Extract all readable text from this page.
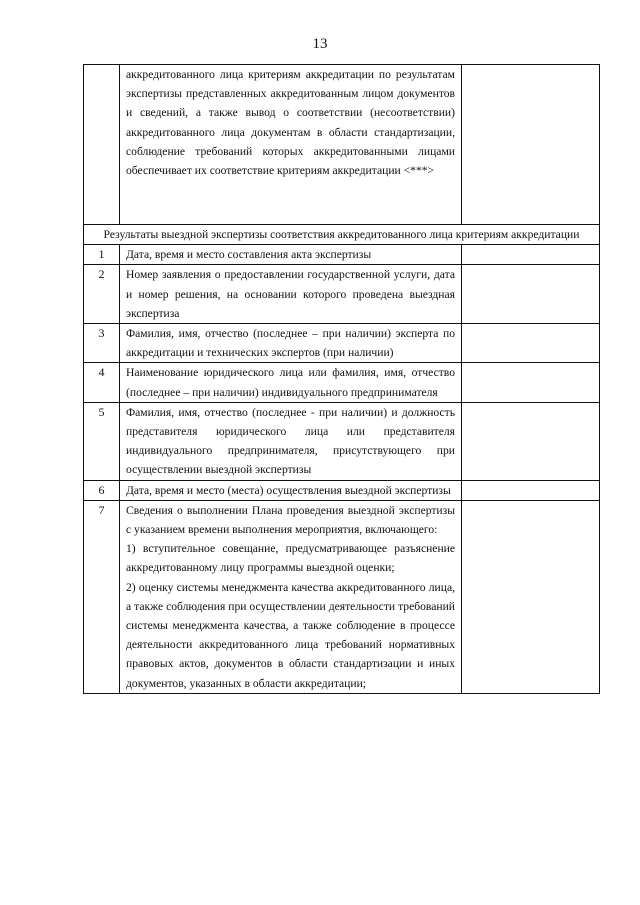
13
	аккредитованного лица критериям аккредитации по результатам экспертизы представленных аккредитованным лицом документов и сведений, а также вывод о соответствии (несоответствии) аккредитованного лица документам в области стандартизации, соблюдение требований которых аккредитованными лицами обеспечивает их соответствие критериям аккредитации <***>	
Результаты выездной экспертизы соответствия аккредитованного лица критериям аккредитации		
1	Дата, время и место составления акта экспертизы	
2	Номер заявления о предоставлении государственной услуги, дата и номер решения, на основании которого проведена выездная экспертиза	
3	Фамилия, имя, отчество (последнее – при наличии) эксперта по аккредитации и технических экспертов (при наличии)	
4	Наименование юридического лица или фамилия, имя, отчество (последнее – при наличии) индивидуального предпринимателя	
5	Фамилия, имя, отчество (последнее - при наличии) и должность представителя юридического лица или представителя индивидуального предпринимателя, присутствующего при осуществлении выездной экспертизы	
6	Дата, время и место (места) осуществления выездной экспертизы	
7	Сведения о выполнении Плана проведения выездной экспертизы с указанием времени выполнения мероприятия, включающего:

1) вступительное совещание, предусматривающее разъяснение аккредитованному лицу программы выездной оценки;

2) оценку системы менеджмента качества аккредитованного лица, а также соблюдения при осуществлении деятельности требований системы менеджмента качества, а также соблюдение в процессе деятельности аккредитованного лица требований нормативных правовых актов, документов в области стандартизации и иных документов, указанных в области аккредитации;	
